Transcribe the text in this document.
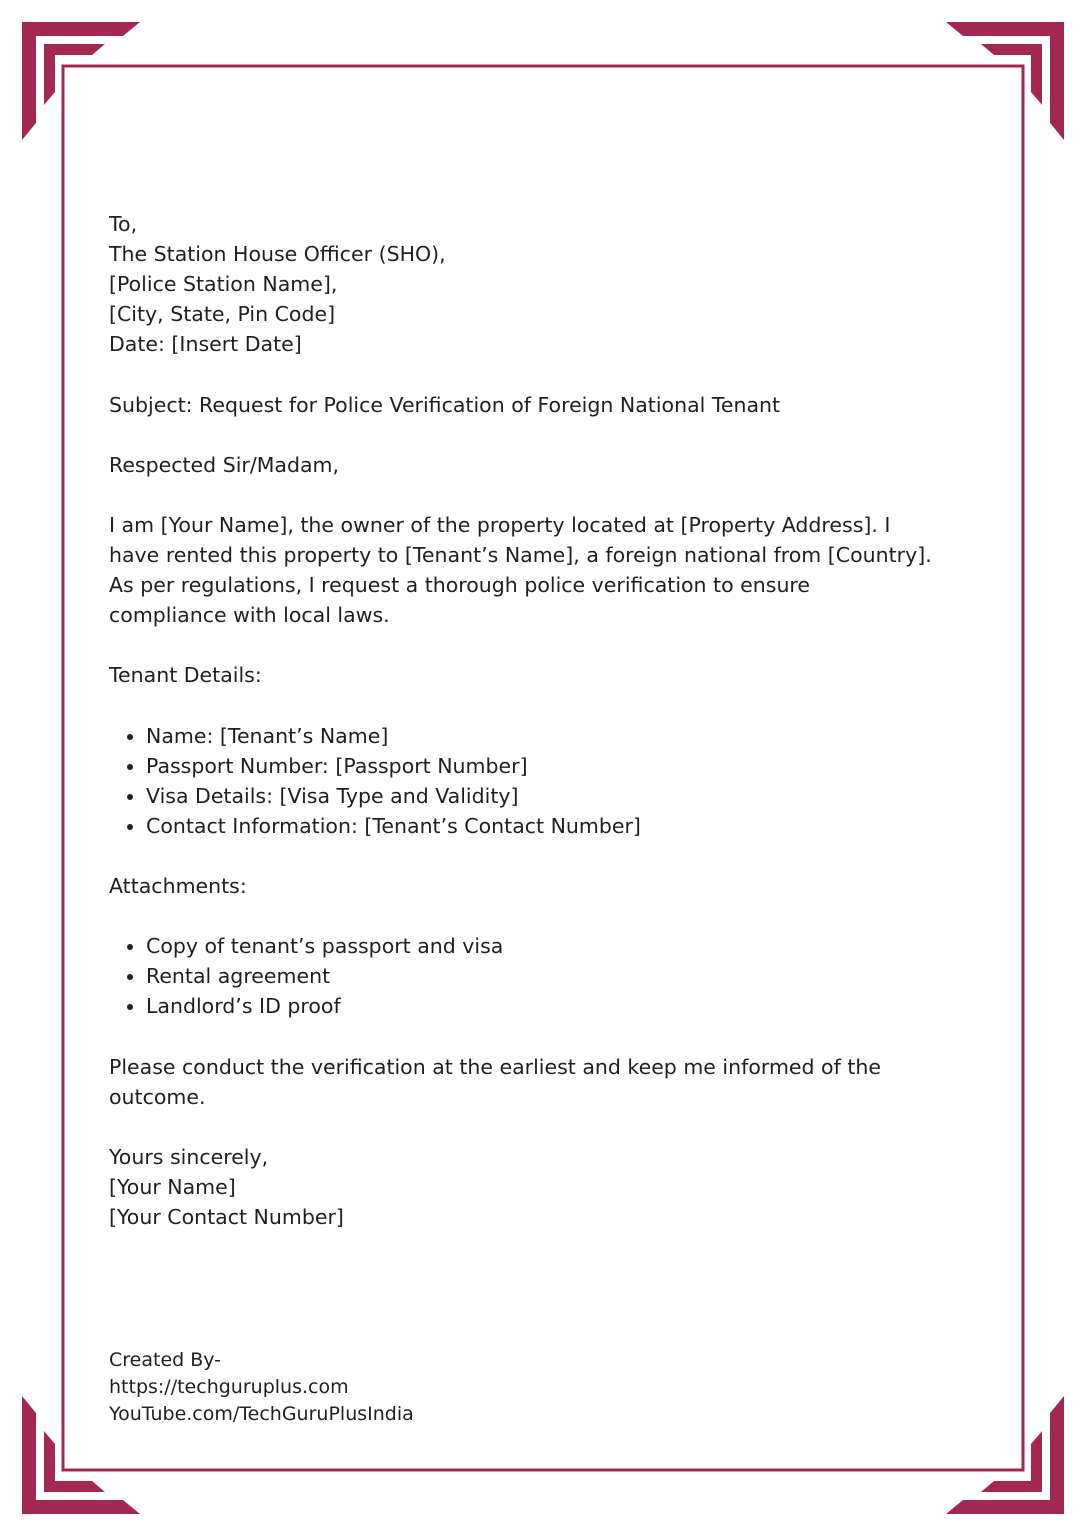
To,

The Station House Officer (SHO),

[Police Station Name],

[City, State, Pin Code]

Date: [Insert Date]

Subject: Request for Police Verification of Foreign National Tenant

Respected Sir/Madam,

I am [Your Name], the owner of the property located at [Property Address]. I

have rented this property to [Tenant’s Name], a foreign national from [Country].

As per regulations, I request a thorough police verification to ensure

compliance with local laws.

Tenant Details:

• Name: [Tenant’s Name]
• Passport Number: [Passport Number]
• Visa Details: [Visa Type and Validity]
• Contact Information: [Tenant’s Contact Number]

Attachments:

• Copy of tenant’s passport and visa
• Rental agreement
• Landlord’s ID proof

Please conduct the verification at the earliest and keep me informed of the

outcome.

Yours sincerely,

[Your Name]

[Your Contact Number]

Created By-

https://techguruplus.com

YouTube.com/TechGuruPlusIndia
